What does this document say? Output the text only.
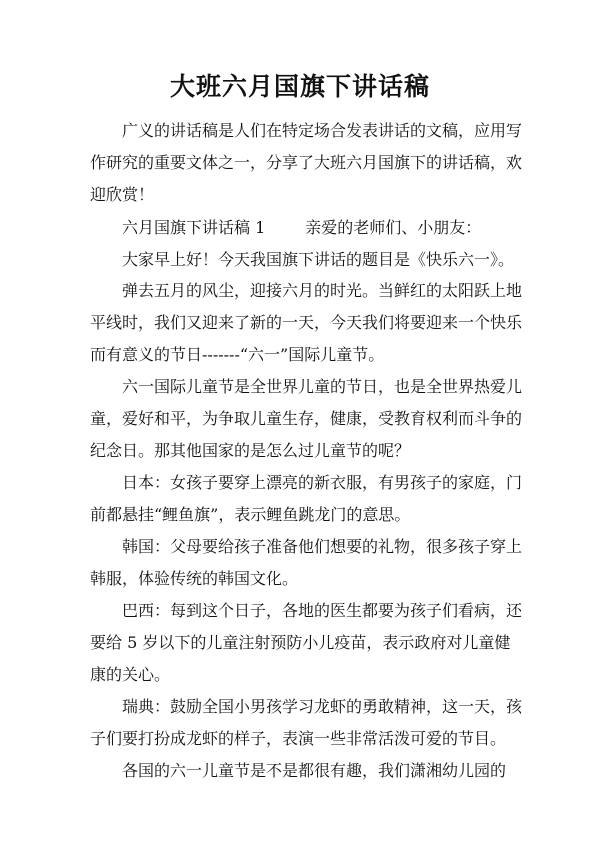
大班六月国旗下讲话稿

广义的讲话稿是人们在特定场合发表讲话的文稿，应用写作研究的重要文体之一，分享了大班六月国旗下的讲话稿，欢迎欣赏！

六月国旗下讲话稿 1	亲爱的老师们、小朋友：

大家早上好！今天我国旗下讲话的题目是《快乐六一》。

弹去五月的风尘，迎接六月的时光。当鲜红的太阳跃上地平线时，我们又迎来了新的一天，今天我们将要迎来一个快乐而有意义的节日-------“六一”国际儿童节。

六一国际儿童节是全世界儿童的节日，也是全世界热爱儿童，爱好和平，为争取儿童生存，健康，受教育权利而斗争的纪念日。那其他国家的是怎么过儿童节的呢？

日本：女孩子要穿上漂亮的新衣服，有男孩子的家庭，门前都悬挂“鲤鱼旗”，表示鲤鱼跳龙门的意思。

韩国：父母要给孩子准备他们想要的礼物，很多孩子穿上韩服，体验传统的韩国文化。

巴西：每到这个日子，各地的医生都要为孩子们看病，还要给 5 岁以下的儿童注射预防小儿疫苗，表示政府对儿童健康的关心。

瑞典：鼓励全国小男孩学习龙虾的勇敢精神，这一天，孩子们要打扮成龙虾的样子，表演一些非常活泼可爱的节目。

各国的六一儿童节是不是都很有趣，我们潇湘幼儿园的
